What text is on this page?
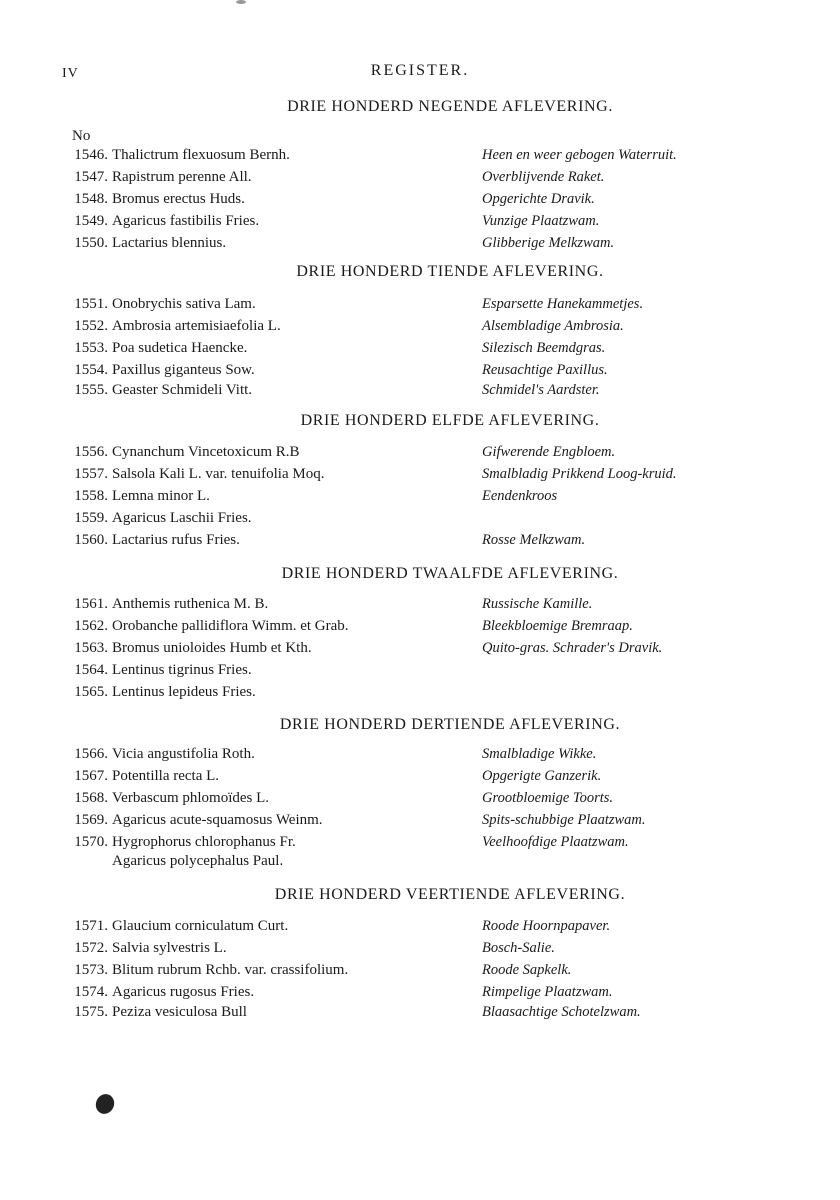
IV	REGISTER.
No
DRIE HONDERD NEGENDE AFLEVERING.
1546. Thalictrum flexuosum Bernh.	Heen en weer gebogen Waterruit.
1547. Rapistrum perenne All.	Overblijvende Raket.
1548. Bromus erectus Huds.	Opgerichte Dravik.
1549. Agaricus fastibilis Fries.	Vunzige Plaatzwam.
1550. Lactarius blennius.	Glibberige Melkzwam.
DRIE HONDERD TIENDE AFLEVERING.
1551. Onobrychis sativa Lam.	Esparsette Hanekammetjes.
1552. Ambrosia artemisiaefolia L.	Alsembladige Ambrosia.
1553. Poa sudetica Haencke.	Silezisch Beemdgras.
1554. Paxillus giganteus Sow.	Reusachtige Paxillus.
1555. Geaster Schmideli Vitt.	Schmidel's Aardster.
DRIE HONDERD ELFDE AFLEVERING.
1556. Cynanchum Vincetoxicum R.B	Gifwerende Engbloem.
1557. Salsola Kali L. var. tenuifolia Moq.	Smalbladig Prikkend Loog-kruid.
1558. Lemna minor L.	Eendenkroos
1559. Agaricus Laschii Fries.
1560. Lactarius rufus Fries.	Rosse Melkzwam.
DRIE HONDERD TWAALFDE AFLEVERING.
1561. Anthemis ruthenica M. B.	Russische Kamille.
1562. Orobanche pallidiflora Wimm. et Grab.	Bleekbloemige Bremraap.
1563. Bromus unioloides Humb et Kth.	Quito-gras. Schrader's Dravik.
1564. Lentinus tigrinus Fries.
1565. Lentinus lepideus Fries.
DRIE HONDERD DERTIENDE AFLEVERING.
1566. Vicia angustifolia Roth.	Smalbladige Wikke.
1567. Potentilla recta L.	Opgerigte Ganzerik.
1568. Verbascum phlomoïdes L.	Grootbloemige Toorts.
1569. Agaricus acute-squamosus Weinm.	Spits-schubbige Plaatzwam.
1570. Hygrophorus chlorophanus Fr.	Veelhoofdige Plaatzwam.
Agaricus polycephalus Paul.
DRIE HONDERD VEERTIENDE AFLEVERING.
1571. Glaucium corniculatum Curt.	Roode Hoornpapaver.
1572. Salvia sylvestris L.	Bosch-Salie.
1573. Blitum rubrum Rchb. var. crassifolium.	Roode Sapkelk.
1574. Agaricus rugosus Fries.	Rimpelige Plaatzwam.
1575. Peziza vesiculosa Bull	Blaasachtige Schotelzwam.
